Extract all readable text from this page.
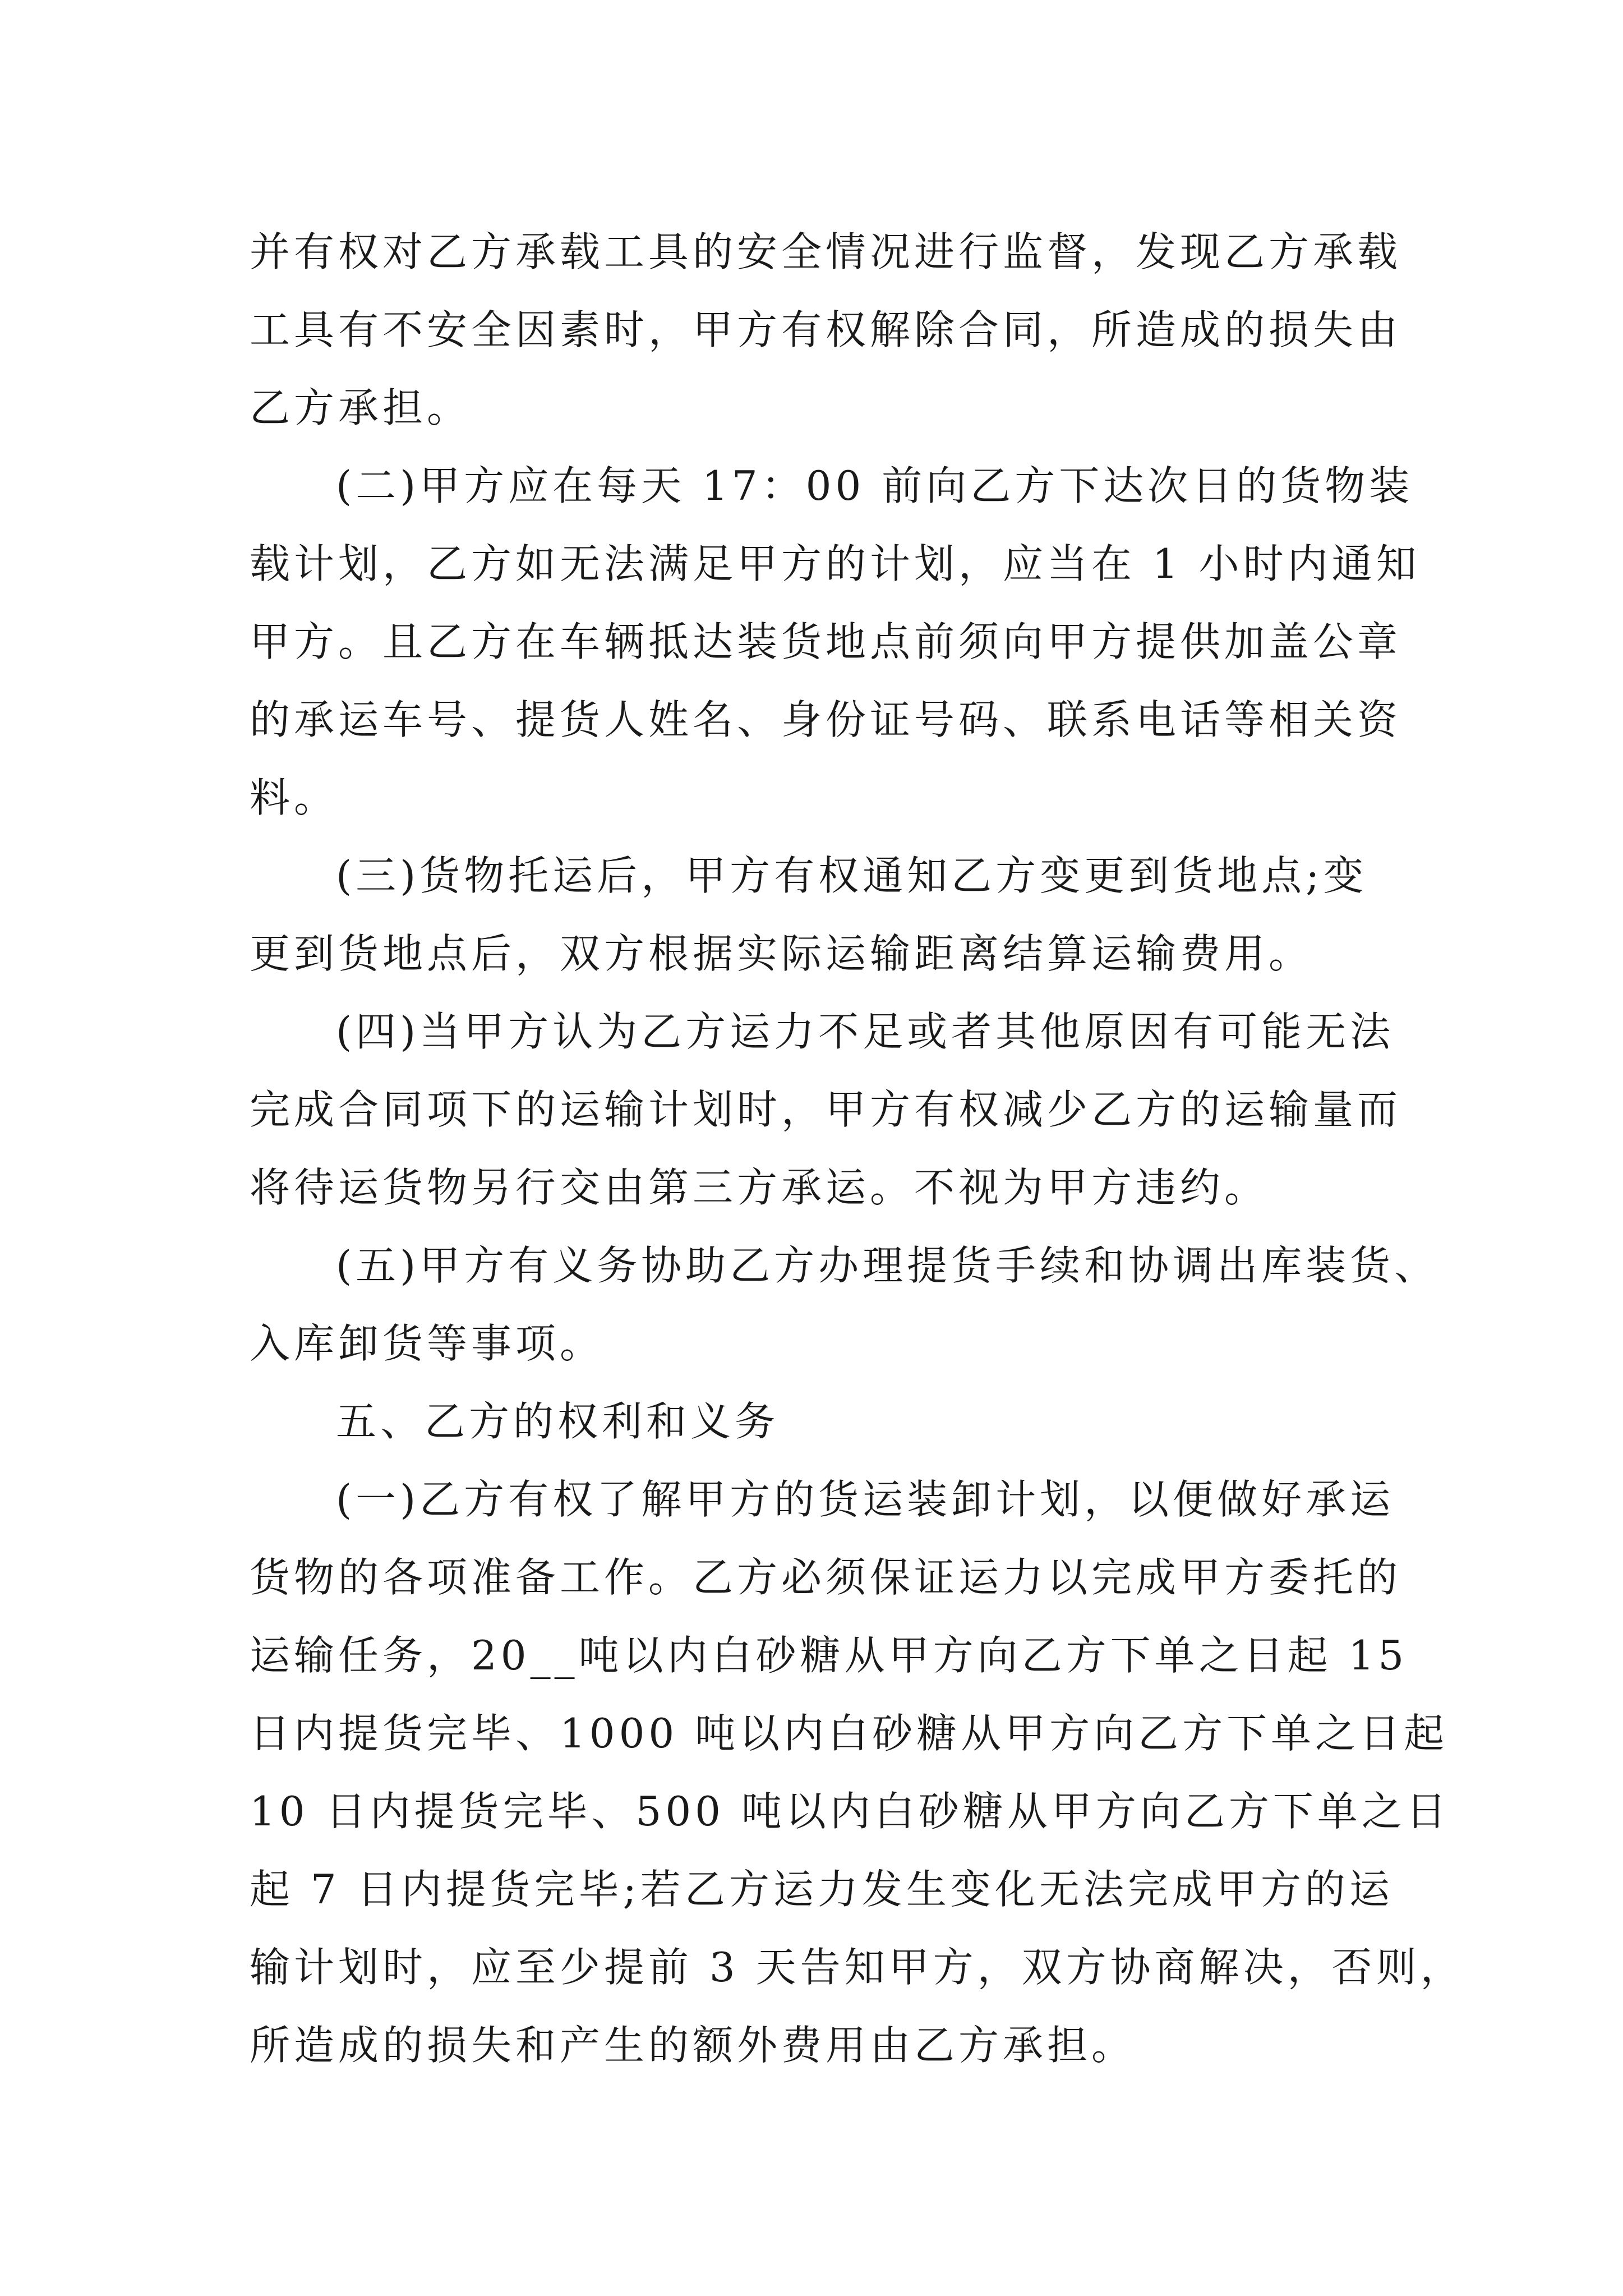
并有权对乙方承载工具的安全情况进行监督，发现乙方承载
工具有不安全因素时，甲方有权解除合同，所造成的损失由
乙方承担。
(二)甲方应在每天 17：00 前向乙方下达次日的货物装
载计划，乙方如无法满足甲方的计划，应当在 1 小时内通知
甲方。且乙方在车辆抵达装货地点前须向甲方提供加盖公章
的承运车号、提货人姓名、身份证号码、联系电话等相关资
料。
(三)货物托运后，甲方有权通知乙方变更到货地点;变
更到货地点后，双方根据实际运输距离结算运输费用。
(四)当甲方认为乙方运力不足或者其他原因有可能无法
完成合同项下的运输计划时，甲方有权减少乙方的运输量而
将待运货物另行交由第三方承运。不视为甲方违约。
(五)甲方有义务协助乙方办理提货手续和协调出库装货、
入库卸货等事项。
五、乙方的权利和义务
(一)乙方有权了解甲方的货运装卸计划，以便做好承运
货物的各项准备工作。乙方必须保证运力以完成甲方委托的
运输任务，20__吨以内白砂糖从甲方向乙方下单之日起 15
日内提货完毕、1000 吨以内白砂糖从甲方向乙方下单之日起
10 日内提货完毕、500 吨以内白砂糖从甲方向乙方下单之日
起 7 日内提货完毕;若乙方运力发生变化无法完成甲方的运
输计划时，应至少提前 3 天告知甲方，双方协商解决，否则，
所造成的损失和产生的额外费用由乙方承担。
